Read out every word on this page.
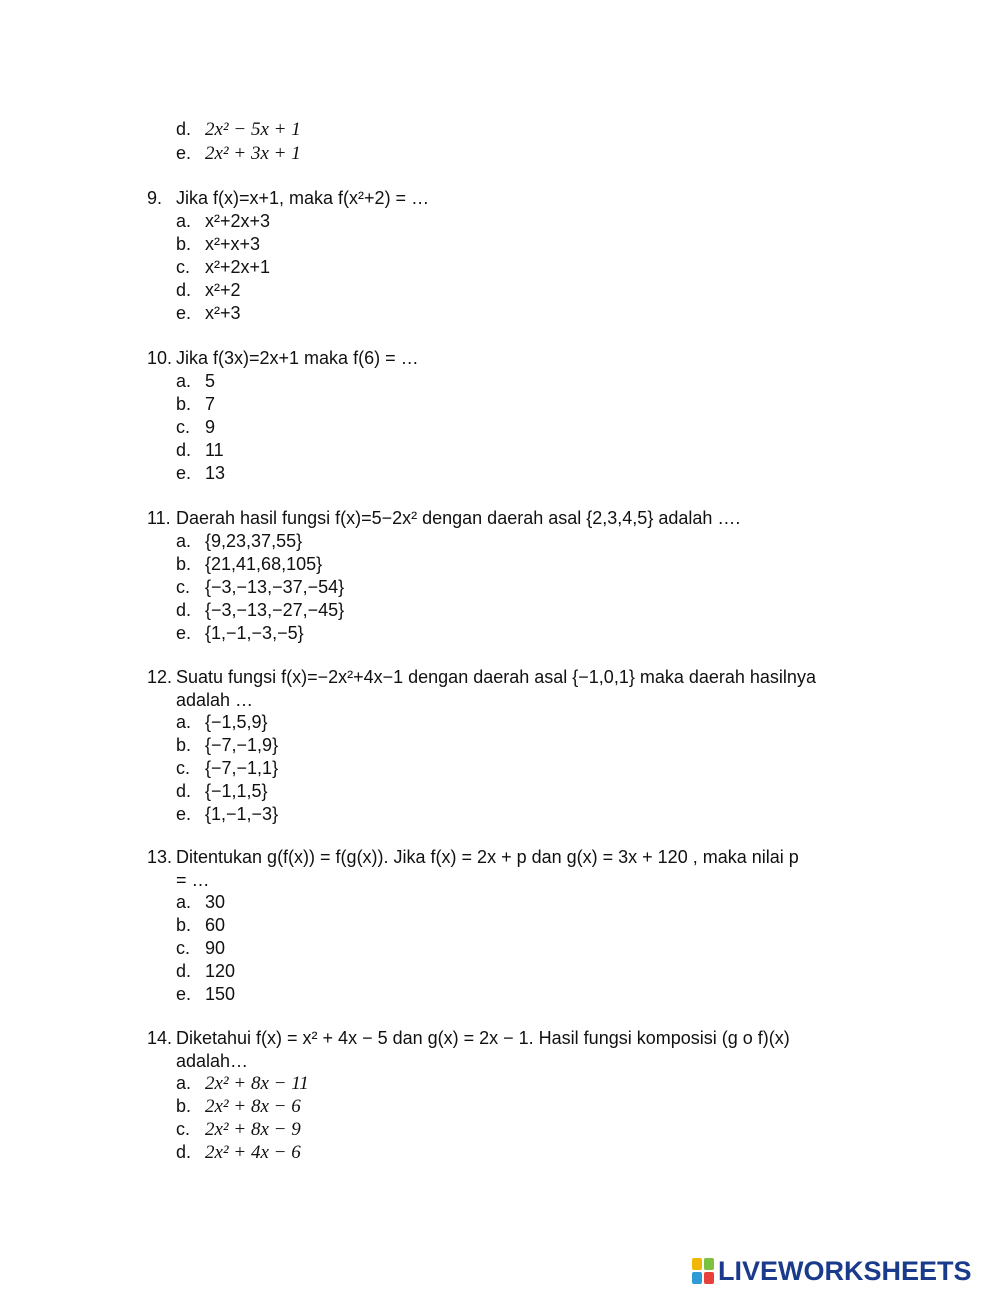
d. 2x² − 5x + 1
e. 2x² + 3x + 1
9. Jika f(x)=x+1, maka f(x²+2) = …
a. x²+2x+3
b. x²+x+3
c. x²+2x+1
d. x²+2
e. x²+3
10. Jika f(3x)=2x+1 maka f(6) = …
a. 5
b. 7
c. 9
d. 11
e. 13
11. Daerah hasil fungsi f(x)=5−2x² dengan daerah asal {2,3,4,5} adalah ….
a. {9,23,37,55}
b. {21,41,68,105}
c. {−3,−13,−37,−54}
d. {−3,−13,−27,−45}
e. {1,−1,−3,−5}
12. Suatu fungsi f(x)=−2x²+4x−1 dengan daerah asal {−1,0,1} maka daerah hasilnya
adalah …
a. {−1,5,9}
b. {−7,−1,9}
c. {−7,−1,1}
d. {−1,1,5}
e. {1,−1,−3}
13. Ditentukan g(f(x)) = f(g(x)). Jika f(x) = 2x + p dan g(x) = 3x + 120 , maka nilai p
= …
a. 30
b. 60
c. 90
d. 120
e. 150
14. Diketahui f(x) = x² + 4x − 5 dan g(x) = 2x − 1. Hasil fungsi komposisi (g o f)(x)
adalah…
a. 2x² + 8x − 11
b. 2x² + 8x − 6
c. 2x² + 8x − 9
d. 2x² + 4x − 6
LIVEWORKSHEETS
